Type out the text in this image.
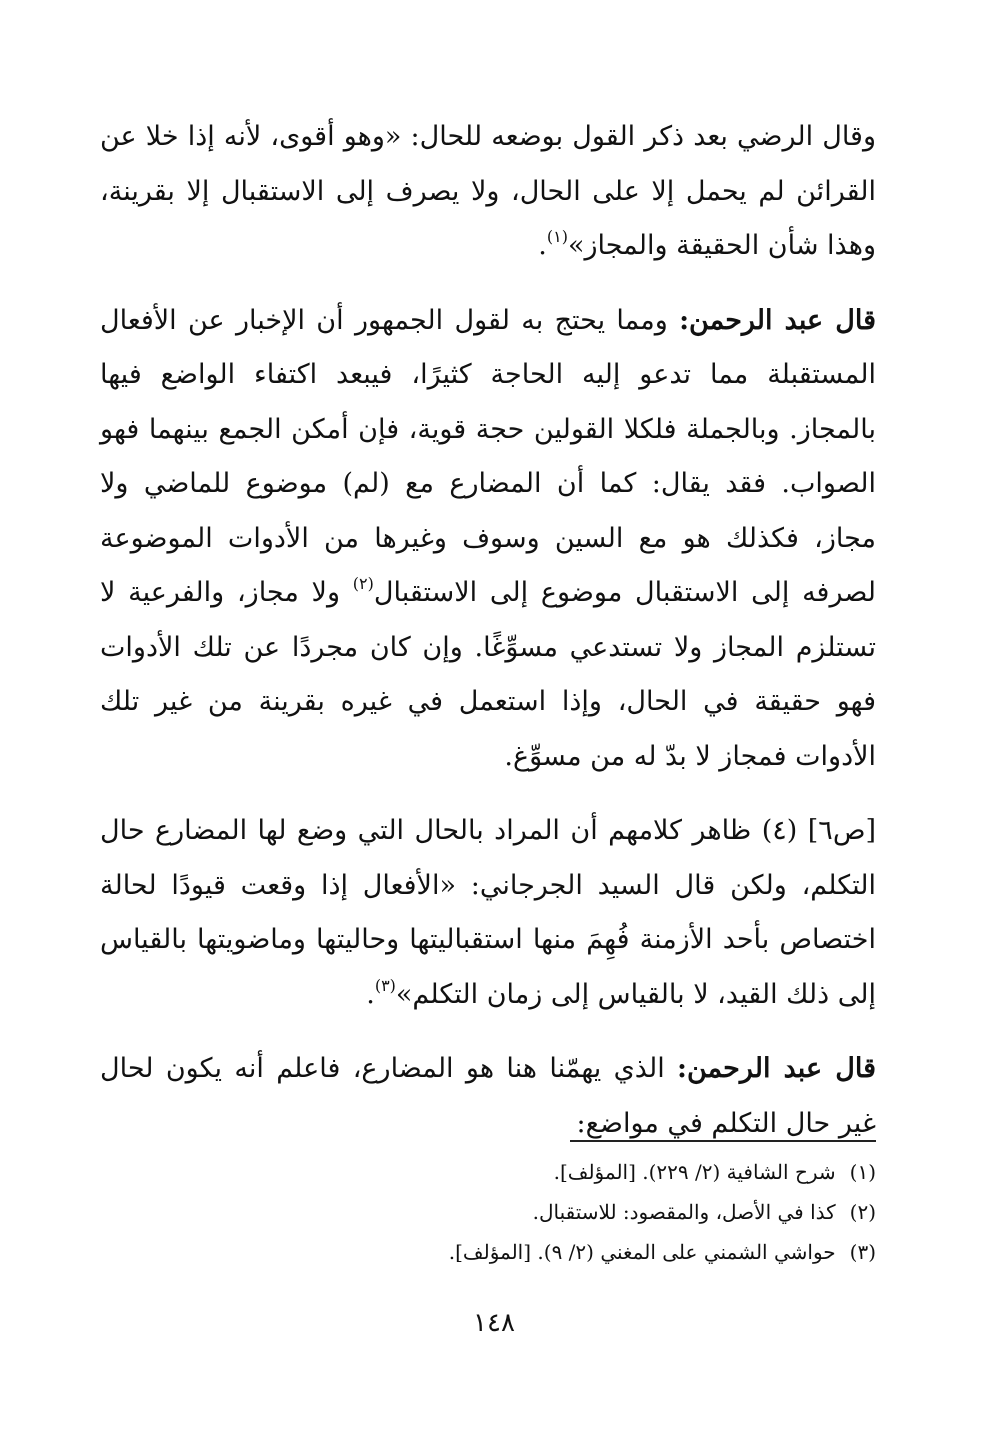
وقال الرضي بعد ذكر القول بوضعه للحال: «وهو أقوى، لأنه إذا خلا عن القرائن لم يحمل إلا على الحال، ولا يصرف إلى الاستقبال إلا بقرينة، وهذا شأن الحقيقة والمجاز»$^{(١)}$.

قال عبد الرحمن: ومما يحتج به لقول الجمهور أن الإخبار عن الأفعال المستقبلة مما تدعو إليه الحاجة كثيرًا، فيبعد اكتفاء الواضع فيها بالمجاز. وبالجملة فلكلا القولين حجة قوية، فإن أمكن الجمع بينهما فهو الصواب. فقد يقال: كما أن المضارع مع (لم) موضوع للماضي ولا مجاز، فكذلك هو مع السين وسوف وغيرها من الأدوات الموضوعة لصرفه إلى الاستقبال موضوع إلى الاستقبال$^{(٢)}$ ولا مجاز، والفرعية لا تستلزم المجاز ولا تستدعي مسوِّغًا. وإن كان مجردًا عن تلك الأدوات فهو حقيقة في الحال، وإذا استعمل في غيره بقرينة من غير تلك الأدوات فمجاز لا بدّ له من مسوِّغ.

[ص٦] (٤) ظاهر كلامهم أن المراد بالحال التي وضع لها المضارع حال التكلم، ولكن قال السيد الجرجاني: «الأفعال إذا وقعت قيودًا لحالة اختصاص بأحد الأزمنة فُهِمَ منها استقباليتها وحاليتها وماضويتها بالقياس إلى ذلك القيد، لا بالقياس إلى زمان التكلم»$^{(٣)}$.

قال عبد الرحمن: الذي يهمّنا هنا هو المضارع، فاعلم أنه يكون لحال غير حال التكلم في مواضع:

(١) شرح الشافية (٢/ ٢٢٩). [المؤلف].
(٢) كذا في الأصل، والمقصود: للاستقبال.
(٣) حواشي الشمني على المغني (٢/ ٩). [المؤلف].
١٤٨
